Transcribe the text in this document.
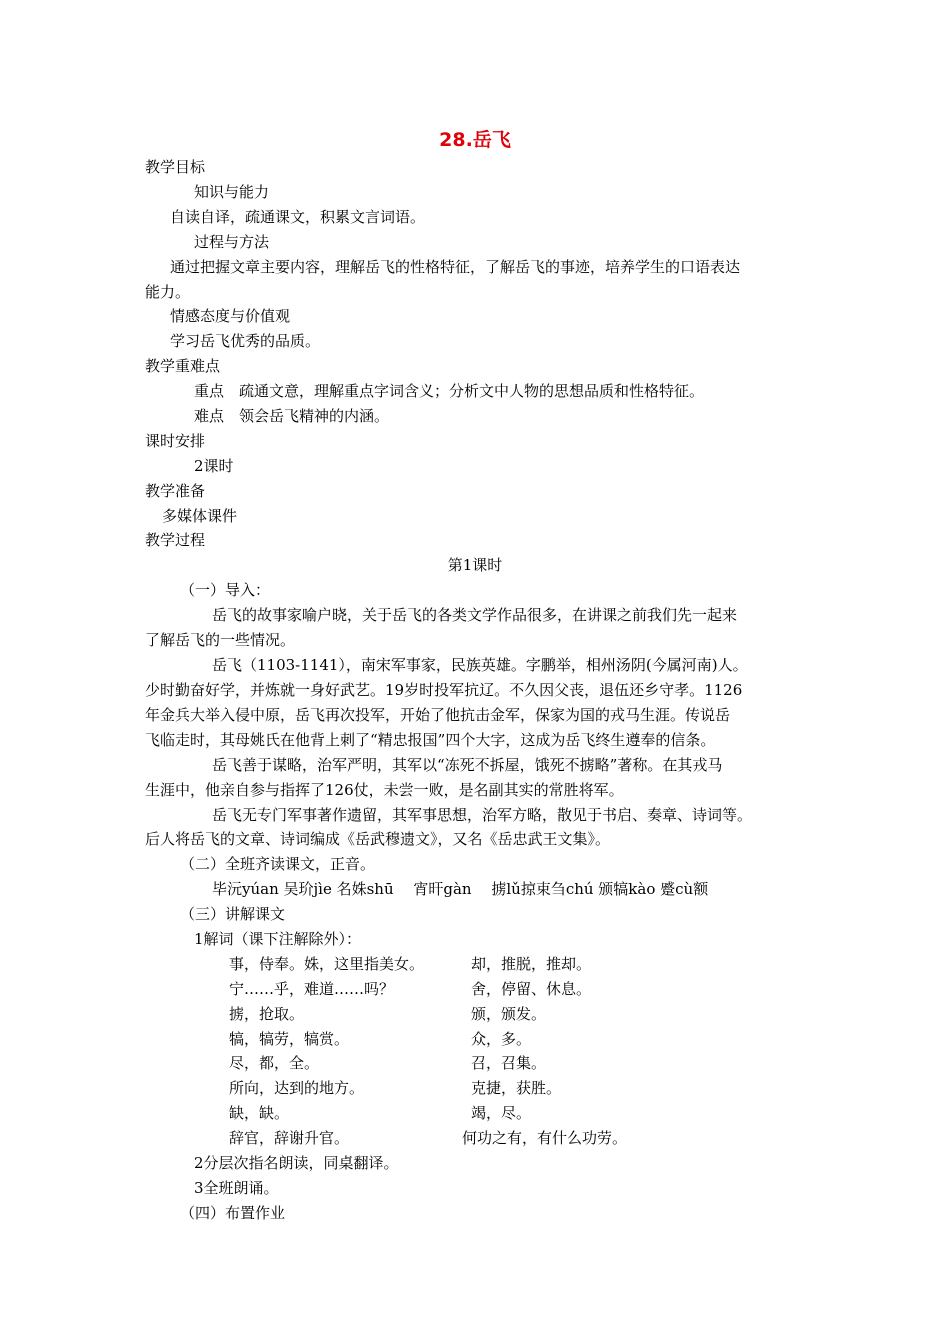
28.岳飞
教学目标
知识与能力
自读自译，疏通课文，积累文言词语。
过程与方法
通过把握文章主要内容，理解岳飞的性格特征，了解岳飞的事迹，培养学生的口语表达
能力。
情感态度与价值观
学习岳飞优秀的品质。
教学重难点
重点　疏通文意，理解重点字词含义；分析文中人物的思想品质和性格特征。
难点　领会岳飞精神的内涵。
课时安排
2课时
教学准备
多媒体课件
教学过程
第1课时
（一）导入：
岳飞的故事家喻户晓，关于岳飞的各类文学作品很多，在讲课之前我们先一起来
了解岳飞的一些情况。
岳飞（1103-1141），南宋军事家，民族英雄。字鹏举，相州汤阴(今属河南)人。
少时勤奋好学，并炼就一身好武艺。19岁时投军抗辽。不久因父丧，退伍还乡守孝。1126
年金兵大举入侵中原，岳飞再次投军，开始了他抗击金军，保家为国的戎马生涯。传说岳
飞临走时，其母姚氏在他背上刺了“精忠报国”四个大字，这成为岳飞终生遵奉的信条。
岳飞善于谋略，治军严明，其军以“冻死不拆屋，饿死不掳略”著称。在其戎马
生涯中，他亲自参与指挥了126仗，未尝一败，是名副其实的常胜将军。
岳飞无专门军事著作遗留，其军事思想，治军方略，散见于书启、奏章、诗词等。
后人将岳飞的文章、诗词编成《岳武穆遗文》，又名《岳忠武王文集》。
（二）全班齐读课文，正音。
毕沅yúan 吴玠jìe 名姝shū　 宵旰gàn　 掳lǔ掠束刍chú 颁犒kào 蹙cù额
（三）讲解课文
1解词（课下注解除外）：
事，侍奉。姝，这里指美女。	却，推脱，推却。
宁……乎，难道……吗？	舍，停留、休息。
掳，抢取。	颁，颁发。
犒，犒劳，犒赏。	众，多。
尽，都，全。	召，召集。
所向，达到的地方。	克捷，获胜。
缺，缺。	竭，尽。
辞官，辞谢升官。	何功之有，有什么功劳。
2分层次指名朗读，同桌翻译。
3全班朗诵。
（四）布置作业
